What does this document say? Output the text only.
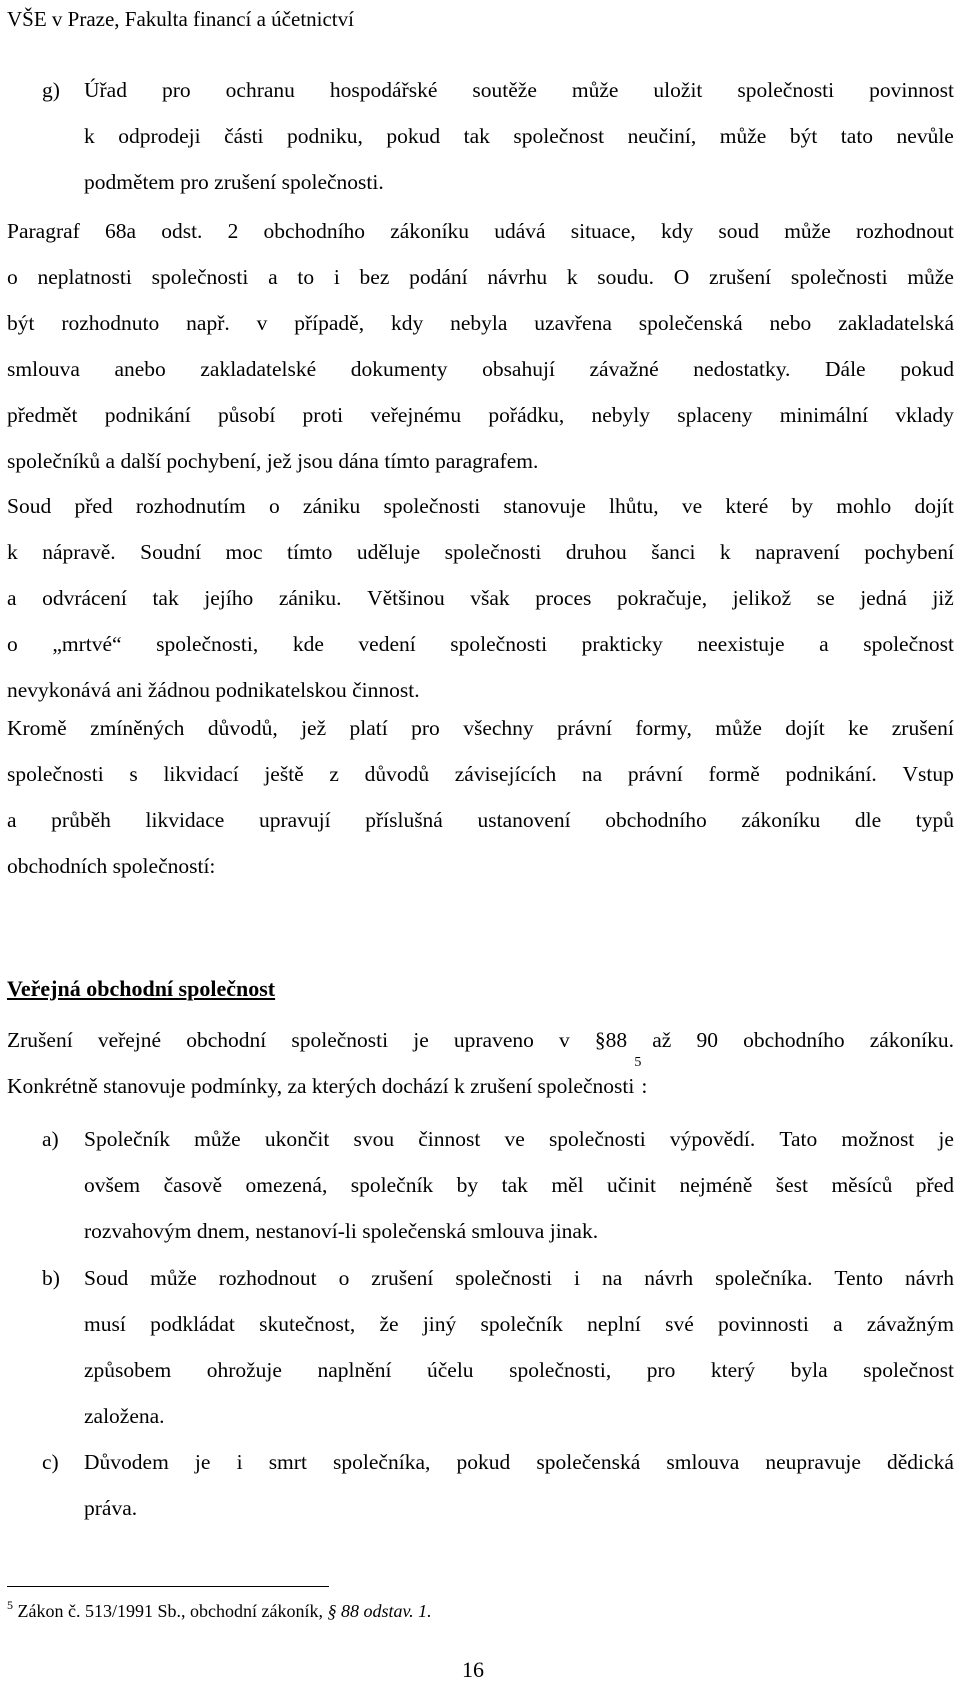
VŠE v Praze, Fakulta financí a účetnictví
g) Úřad pro ochranu hospodářské soutěže může uložit společnosti povinnost
k odprodeji části podniku, pokud tak společnost neučiní, může být tato nevůle
podmětem pro zrušení společnosti.
Paragraf 68a odst. 2 obchodního zákoníku udává situace, kdy soud může rozhodnout
o neplatnosti společnosti a to i bez podání návrhu k soudu. O zrušení společnosti může
být rozhodnuto např. v případě, kdy nebyla uzavřena společenská nebo zakladatelská
smlouva anebo zakladatelské dokumenty obsahují závažné nedostatky. Dále pokud
předmět podnikání působí proti veřejnému pořádku, nebyly splaceny minimální vklady
společníků a další pochybení, jež jsou dána tímto paragrafem.
Soud před rozhodnutím o zániku společnosti stanovuje lhůtu, ve které by mohlo dojít
k nápravě. Soudní moc tímto uděluje společnosti druhou šanci k napravení pochybení
a odvrácení tak jejího zániku. Většinou však proces pokračuje, jelikož se jedná již
o „mrtvé“ společnosti, kde vedení společnosti prakticky neexistuje a společnost
nevykonává ani žádnou podnikatelskou činnost.
Kromě zmíněných důvodů, jež platí pro všechny právní formy, může dojít ke zrušení
společnosti s likvidací ještě z důvodů závisejících na právní formě podnikání. Vstup
a průběh likvidace upravují příslušná ustanovení obchodního zákoníku dle typů
obchodních společností:
Veřejná obchodní společnost
Zrušení veřejné obchodní společnosti je upraveno v §88 až 90 obchodního zákoníku.
Konkrétně stanovuje podmínky, za kterých dochází k zrušení společnosti
5
:
a) Společník může ukončit svou činnost ve společnosti výpovědí. Tato možnost je
ovšem časově omezená, společník by tak měl učinit nejméně šest měsíců před
rozvahovým dnem, nestanoví-li společenská smlouva jinak.
b) Soud může rozhodnout o zrušení společnosti i na návrh společníka. Tento návrh
musí podkládat skutečnost, že jiný společník neplní své povinnosti a závažným
způsobem ohrožuje naplnění účelu společnosti, pro který byla společnost
založena.
c) Důvodem je i smrt společníka, pokud společenská smlouva neupravuje dědická
práva.
$^5$ Zákon č. 513/1991 Sb., obchodní zákoník, § 88 odstav. 1.
16
